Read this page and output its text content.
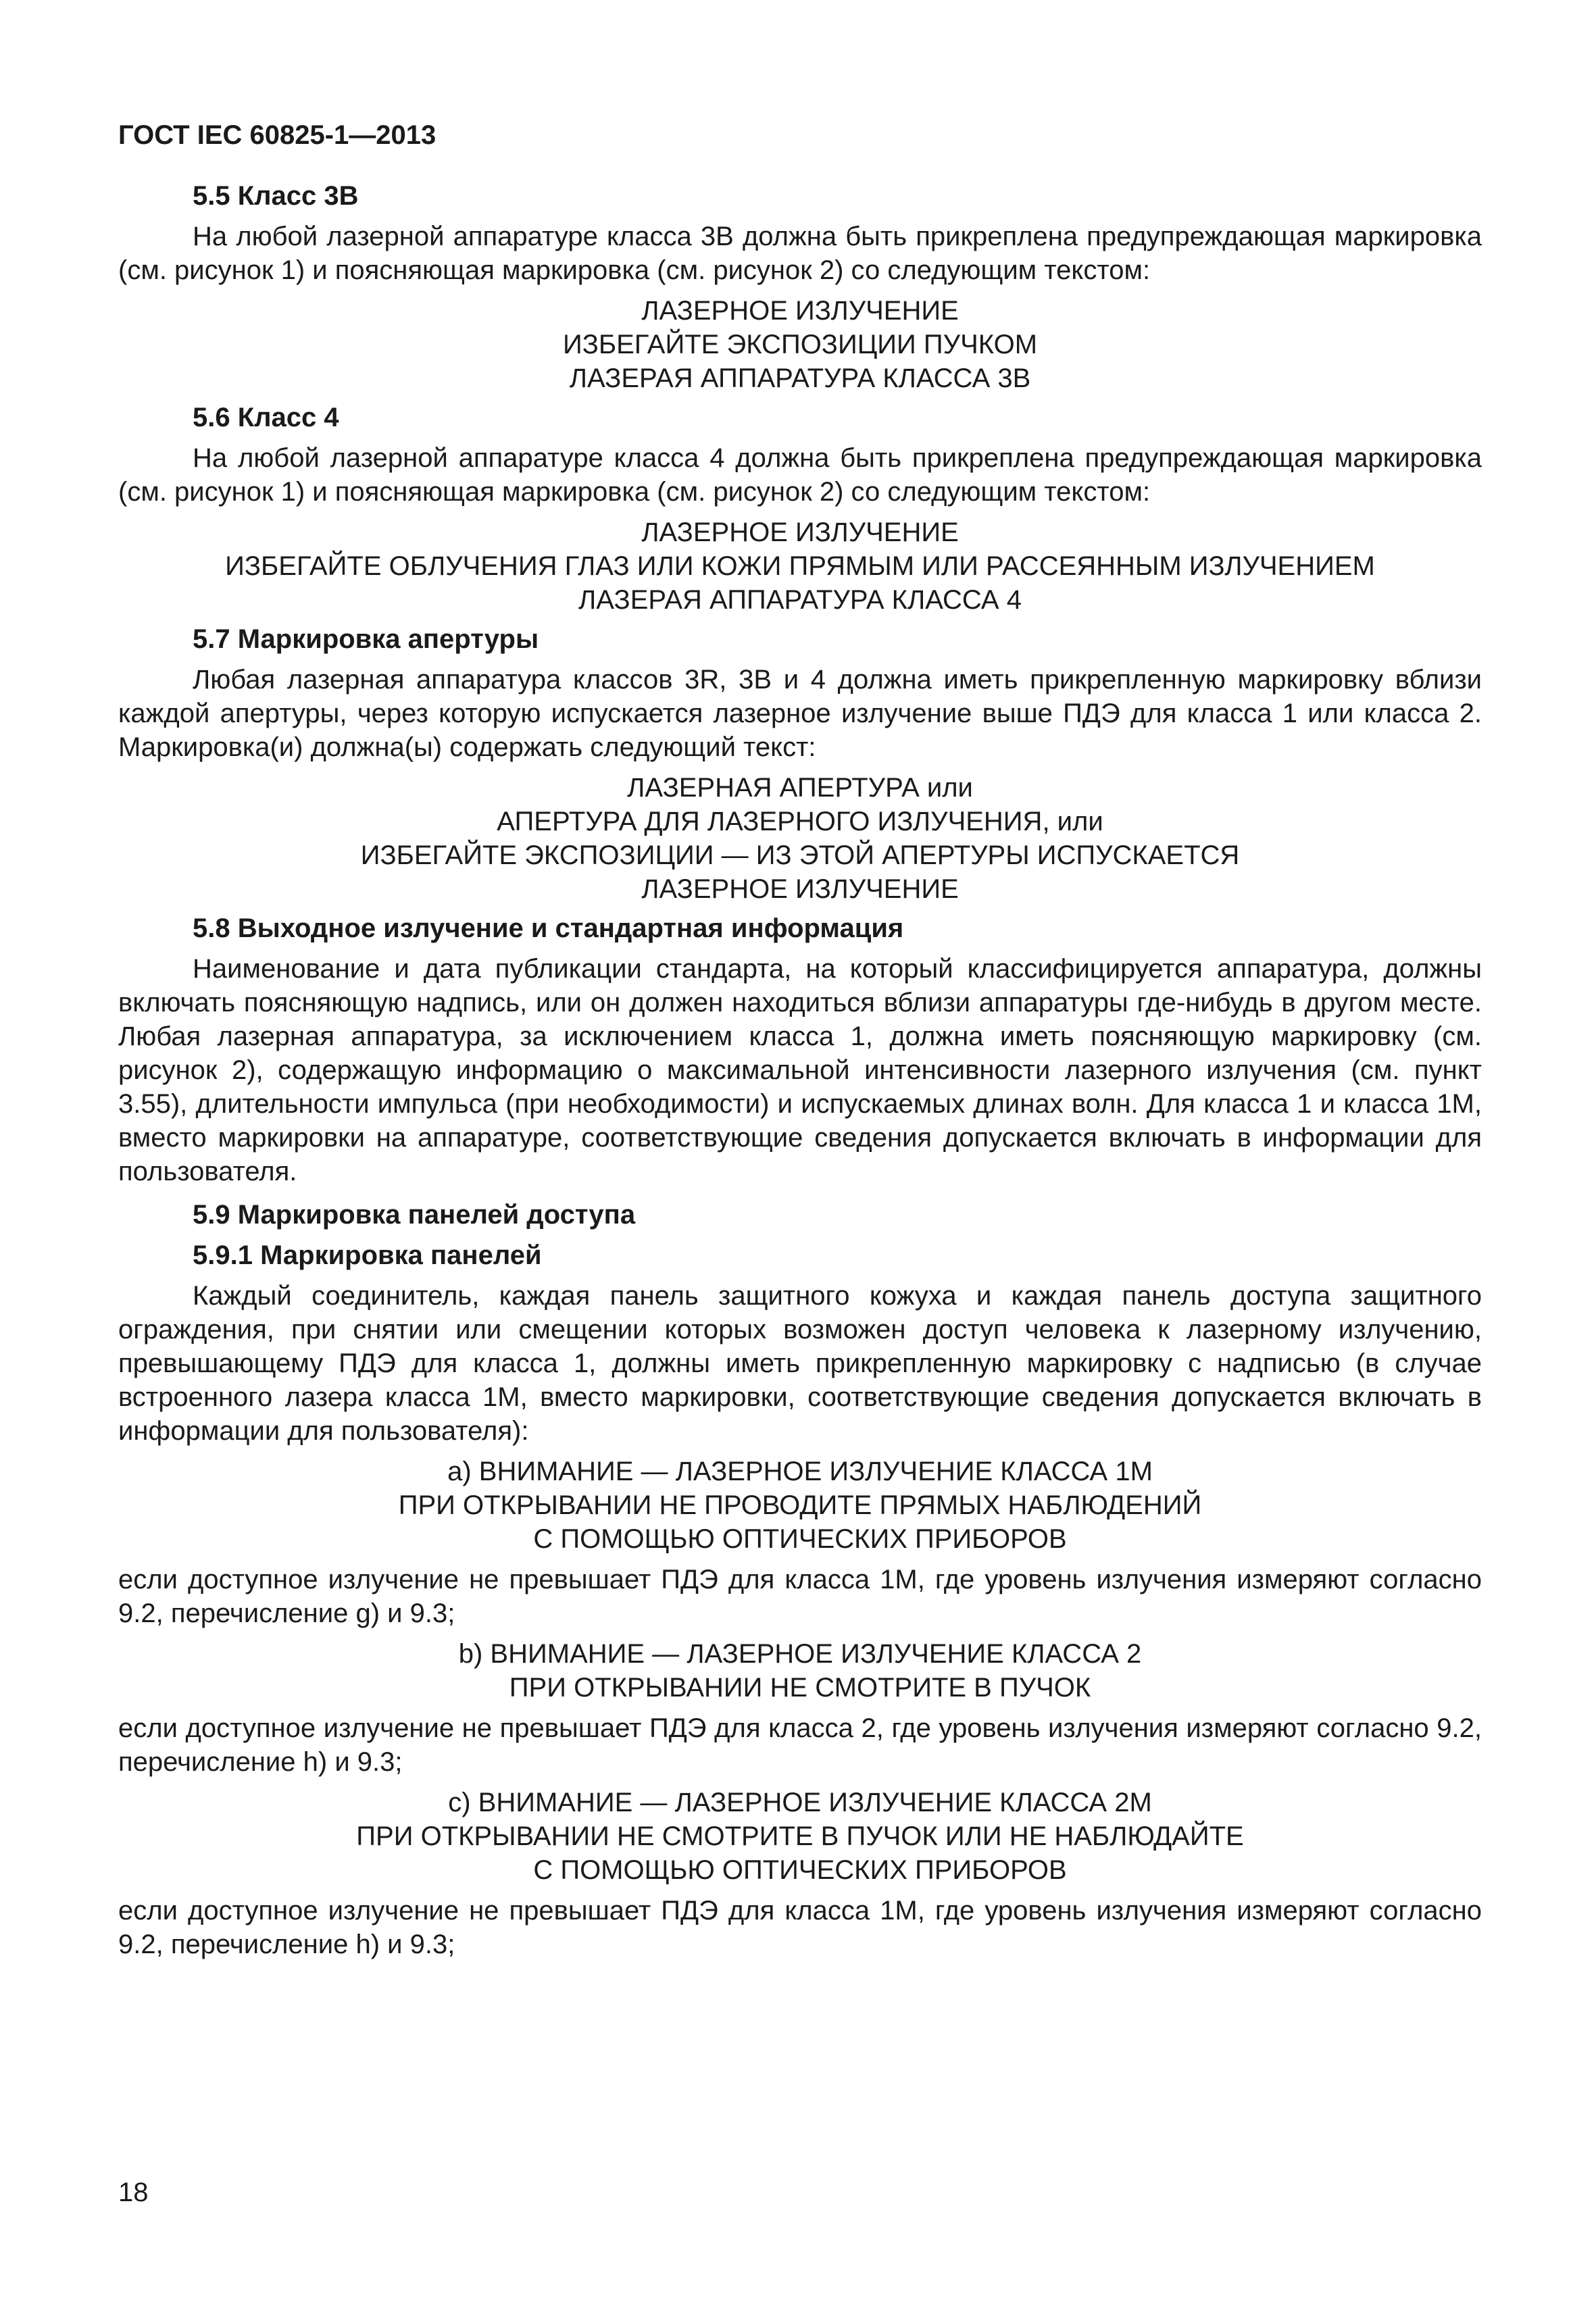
ГОСТ IEC 60825-1—2013
5.5 Класс 3В
На любой лазерной аппаратуре класса 3В должна быть прикреплена предупреждающая маркировка (см. рисунок 1) и поясняющая маркировка (см. рисунок 2) со следующим текстом:
ЛАЗЕРНОЕ ИЗЛУЧЕНИЕ
ИЗБЕГАЙТЕ ЭКСПОЗИЦИИ ПУЧКОМ
ЛАЗЕРАЯ АППАРАТУРА КЛАССА 3В
5.6 Класс 4
На любой лазерной аппаратуре класса 4 должна быть прикреплена предупреждающая маркировка (см. рисунок 1) и поясняющая маркировка (см. рисунок 2) со следующим текстом:
ЛАЗЕРНОЕ ИЗЛУЧЕНИЕ
ИЗБЕГАЙТЕ ОБЛУЧЕНИЯ ГЛАЗ ИЛИ КОЖИ ПРЯМЫМ ИЛИ РАССЕЯННЫМ ИЗЛУЧЕНИЕМ
ЛАЗЕРАЯ АППАРАТУРА КЛАССА 4
5.7 Маркировка апертуры
Любая лазерная аппаратура классов 3R, 3В и 4 должна иметь прикрепленную маркировку вблизи каждой апертуры, через которую испускается лазерное излучение выше ПДЭ для класса 1 или класса 2. Маркировка(и) должна(ы) содержать следующий текст:
ЛАЗЕРНАЯ АПЕРТУРА или
АПЕРТУРА ДЛЯ ЛАЗЕРНОГО ИЗЛУЧЕНИЯ, или
ИЗБЕГАЙТЕ ЭКСПОЗИЦИИ — ИЗ ЭТОЙ АПЕРТУРЫ ИСПУСКАЕТСЯ
ЛАЗЕРНОЕ ИЗЛУЧЕНИЕ
5.8 Выходное излучение и стандартная информация
Наименование и дата публикации стандарта, на который классифицируется аппаратура, должны включать поясняющую надпись, или он должен находиться вблизи аппаратуры где-нибудь в другом месте. Любая лазерная аппаратура, за исключением класса 1, должна иметь поясняющую маркировку (см. рисунок 2), содержащую информацию о максимальной интенсивности лазерного излучения (см. пункт 3.55), длительности импульса (при необходимости) и испускаемых длинах волн. Для класса 1 и класса 1М, вместо маркировки на аппаратуре, соответствующие сведения допускается включать в информации для пользователя.
5.9 Маркировка панелей доступа
5.9.1 Маркировка панелей
Каждый соединитель, каждая панель защитного кожуха и каждая панель доступа защитного ограждения, при снятии или смещении которых возможен доступ человека к лазерному излучению, превышающему ПДЭ для класса 1, должны иметь прикрепленную маркировку с надписью (в случае встроенного лазера класса 1М, вместо маркировки, соответствующие сведения допускается включать в информации для пользователя):
а) ВНИМАНИЕ — ЛАЗЕРНОЕ ИЗЛУЧЕНИЕ КЛАССА 1М
ПРИ ОТКРЫВАНИИ НЕ ПРОВОДИТЕ ПРЯМЫХ НАБЛЮДЕНИЙ
С ПОМОЩЬЮ ОПТИЧЕСКИХ ПРИБОРОВ
если доступное излучение не превышает ПДЭ для класса 1М, где уровень излучения измеряют согласно 9.2, перечисление g) и 9.3;
b) ВНИМАНИЕ — ЛАЗЕРНОЕ ИЗЛУЧЕНИЕ КЛАССА 2
ПРИ ОТКРЫВАНИИ НЕ СМОТРИТЕ В ПУЧОК
если доступное излучение не превышает ПДЭ для класса 2, где уровень излучения измеряют согласно 9.2, перечисление h) и 9.3;
с) ВНИМАНИЕ — ЛАЗЕРНОЕ ИЗЛУЧЕНИЕ КЛАССА 2М
ПРИ ОТКРЫВАНИИ НЕ СМОТРИТЕ В ПУЧОК ИЛИ НЕ НАБЛЮДАЙТЕ
С ПОМОЩЬЮ ОПТИЧЕСКИХ ПРИБОРОВ
если доступное излучение не превышает ПДЭ для класса 1М, где уровень излучения измеряют согласно 9.2, перечисление h) и 9.3;
18
